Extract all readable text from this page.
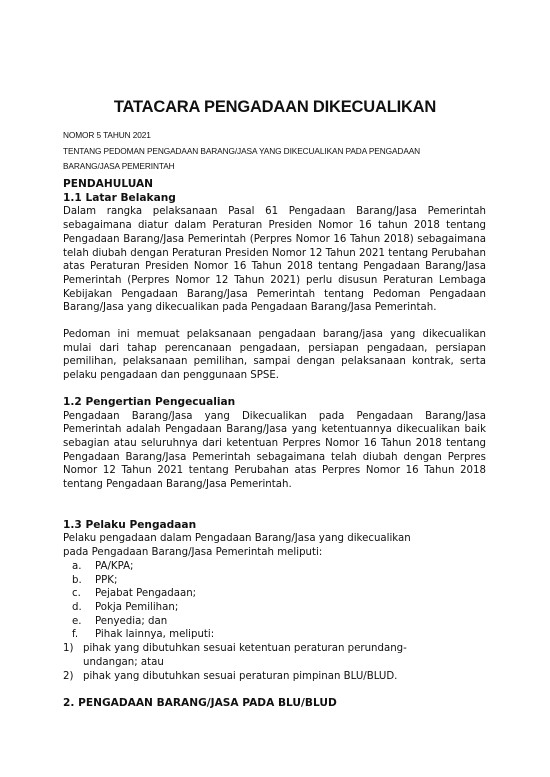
TATACARA PENGADAAN DIKECUALIKAN
NOMOR 5 TAHUN 2021
TENTANG PEDOMAN PENGADAAN BARANG/JASA YANG DIKECUALIKAN PADA PENGADAAN
BARANG/JASA PEMERINTAH

PENDAHULUAN

1.1 Latar Belakang

Dalam rangka pelaksanaan Pasal 61 Pengadaan Barang/Jasa Pemerintah sebagaimana diatur dalam Peraturan Presiden Nomor 16 tahun 2018 tentang Pengadaan Barang/Jasa Pemerintah (Perpres Nomor 16 Tahun 2018) sebagaimana telah diubah dengan Peraturan Presiden Nomor 12 Tahun 2021 tentang Perubahan atas Peraturan Presiden Nomor 16 Tahun 2018 tentang Pengadaan Barang/Jasa Pemerintah (Perpres Nomor 12 Tahun 2021) perlu disusun Peraturan Lembaga Kebijakan Pengadaan Barang/Jasa Pemerintah tentang Pedoman Pengadaan Barang/Jasa yang dikecualikan pada Pengadaan Barang/Jasa Pemerintah.

Pedoman ini memuat pelaksanaan pengadaan barang/jasa yang dikecualikan mulai dari tahap perencanaan pengadaan, persiapan pengadaan, persiapan pemilihan, pelaksanaan pemilihan, sampai dengan pelaksanaan kontrak, serta pelaku pengadaan dan penggunaan SPSE.

1.2 Pengertian Pengecualian

Pengadaan Barang/Jasa yang Dikecualikan pada Pengadaan Barang/Jasa Pemerintah adalah Pengadaan Barang/Jasa yang ketentuannya dikecualikan baik sebagian atau seluruhnya dari ketentuan Perpres Nomor 16 Tahun 2018 tentang Pengadaan Barang/Jasa Pemerintah sebagaimana telah diubah dengan Perpres Nomor 12 Tahun 2021 tentang Perubahan atas Perpres Nomor 16 Tahun 2018 tentang Pengadaan Barang/Jasa Pemerintah.

1.3 Pelaku Pengadaan

Pelaku pengadaan dalam Pengadaan Barang/Jasa yang dikecualikan

pada Pengadaan Barang/Jasa Pemerintah meliputi:

a. PA/KPA;
b. PPK;
c. Pejabat Pengadaan;
d. Pokja Pemilihan;
e. Penyedia; dan
f. Pihak lainnya, meliputi:
1) pihak yang dibutuhkan sesuai ketentuan peraturan perundang-
undangan; atau
2) pihak yang dibutuhkan sesuai peraturan pimpinan BLU/BLUD.

2. PENGADAAN BARANG/JASA PADA BLU/BLUD
